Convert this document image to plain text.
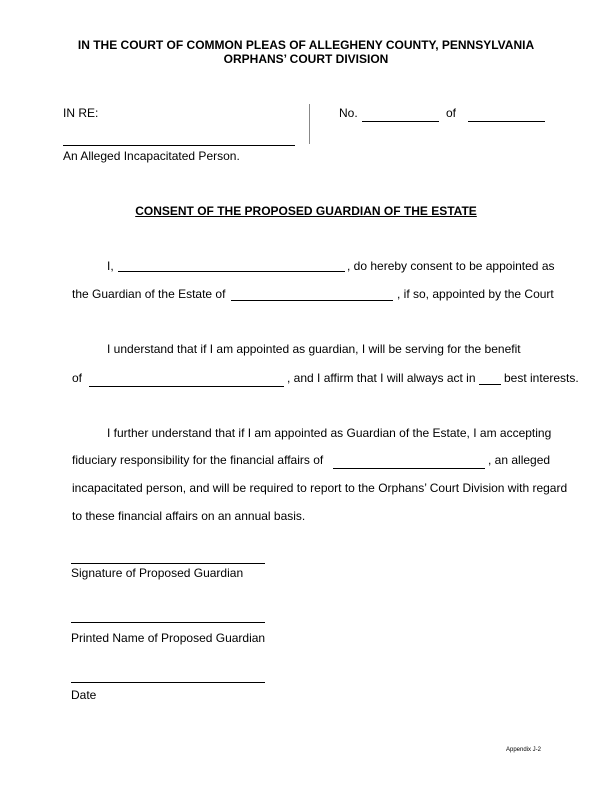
IN THE COURT OF COMMON PLEAS OF ALLEGHENY COUNTY, PENNSYLVANIA
ORPHANS’ COURT DIVISION
IN RE:
An Alleged Incapacitated Person.
No.	of
CONSENT OF THE PROPOSED GUARDIAN OF THE ESTATE
I,	, do hereby consent to be appointed as
the Guardian of the Estate of	, if so, appointed by the Court
I understand that if I am appointed as guardian, I will be serving for the benefit
of	, and I affirm that I will always act in best interests.
I further understand that if I am appointed as Guardian of the Estate, I am accepting
fiduciary responsibility for the financial affairs of	, an alleged
incapacitated person, and will be required to report to the Orphans’ Court Division with regard
to these financial affairs on an annual basis.
Signature of Proposed Guardian
Printed Name of Proposed Guardian
Date
Appendix J-2
